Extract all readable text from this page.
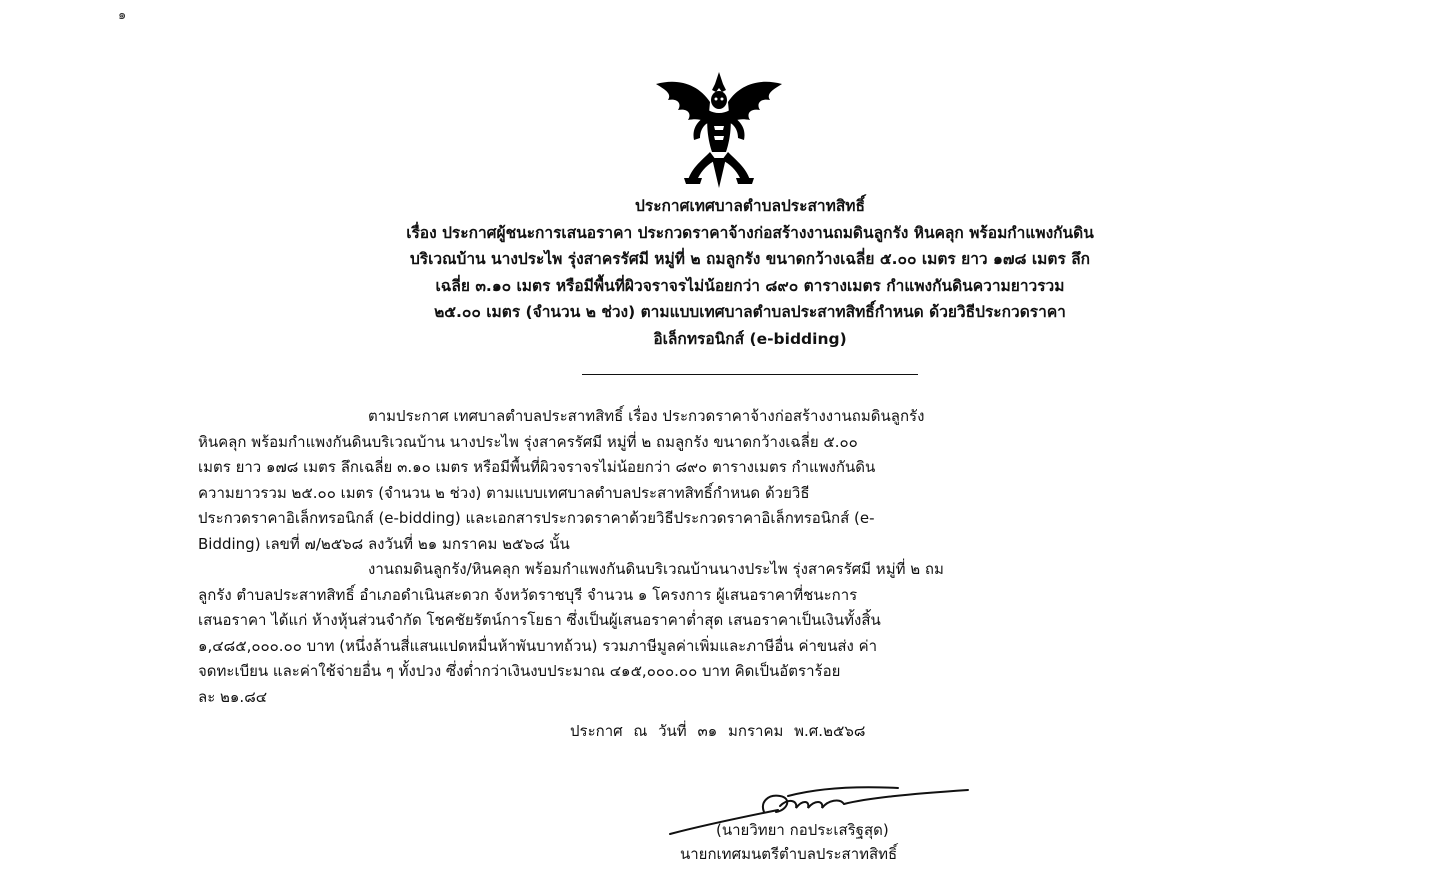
๑
ประกาศเทศบาลตำบลประสาทสิทธิ์
เรื่อง ประกาศผู้ชนะการเสนอราคา ประกวดราคาจ้างก่อสร้างงานถมดินลูกรัง หินคลุก พร้อมกำแพงกันดิน
บริเวณบ้าน นางประไพ รุ่งสาครรัศมี หมู่ที่ ๒ ถมลูกรัง ขนาดกว้างเฉลี่ย ๕.๐๐ เมตร ยาว ๑๗๘ เมตร ลึก
เฉลี่ย ๓.๑๐ เมตร หรือมีพื้นที่ผิวจราจรไม่น้อยกว่า ๘๙๐ ตารางเมตร กำแพงกันดินความยาวรวม
๒๕.๐๐ เมตร (จำนวน ๒ ช่วง) ตามแบบเทศบาลตำบลประสาทสิทธิ์กำหนด ด้วยวิธีประกวดราคา
อิเล็กทรอนิกส์ (e-bidding)
ตามประกาศ เทศบาลตำบลประสาทสิทธิ์ เรื่อง ประกวดราคาจ้างก่อสร้างงานถมดินลูกรัง
หินคลุก พร้อมกำแพงกันดินบริเวณบ้าน นางประไพ รุ่งสาครรัศมี หมู่ที่ ๒ ถมลูกรัง ขนาดกว้างเฉลี่ย ๕.๐๐
เมตร ยาว ๑๗๘ เมตร ลึกเฉลี่ย ๓.๑๐ เมตร หรือมีพื้นที่ผิวจราจรไม่น้อยกว่า ๘๙๐ ตารางเมตร กำแพงกันดิน
ความยาวรวม ๒๕.๐๐ เมตร (จำนวน ๒ ช่วง) ตามแบบเทศบาลตำบลประสาทสิทธิ์กำหนด ด้วยวิธี
ประกวดราคาอิเล็กทรอนิกส์ (e-bidding) และเอกสารประกวดราคาด้วยวิธีประกวดราคาอิเล็กทรอนิกส์ (e-
Bidding) เลขที่ ๗/๒๕๖๘ ลงวันที่ ๒๑ มกราคม ๒๕๖๘ นั้น
งานถมดินลูกรัง/หินคลุก พร้อมกำแพงกันดินบริเวณบ้านนางประไพ รุ่งสาครรัศมี หมู่ที่ ๒ ถม
ลูกรัง ตำบลประสาทสิทธิ์ อำเภอดำเนินสะดวก จังหวัดราชบุรี จำนวน ๑ โครงการ ผู้เสนอราคาที่ชนะการ
เสนอราคา ได้แก่ ห้างหุ้นส่วนจำกัด โชคชัยรัตน์การโยธา ซึ่งเป็นผู้เสนอราคาต่ำสุด เสนอราคาเป็นเงินทั้งสิ้น
๑,๔๘๕,๐๐๐.๐๐ บาท (หนึ่งล้านสี่แสนแปดหมื่นห้าพันบาทถ้วน) รวมภาษีมูลค่าเพิ่มและภาษีอื่น ค่าขนส่ง ค่า
จดทะเบียน และค่าใช้จ่ายอื่น ๆ ทั้งปวง ซึ่งต่ำกว่าเงินงบประมาณ ๔๑๕,๐๐๐.๐๐ บาท คิดเป็นอัตราร้อย
ละ ๒๑.๘๔
ประกาศ ณ วันที่ ๓๑ มกราคม พ.ศ.๒๕๖๘
(นายวิทยา กอประเสริฐสุด)
นายกเทศมนตรีตำบลประสาทสิทธิ์
